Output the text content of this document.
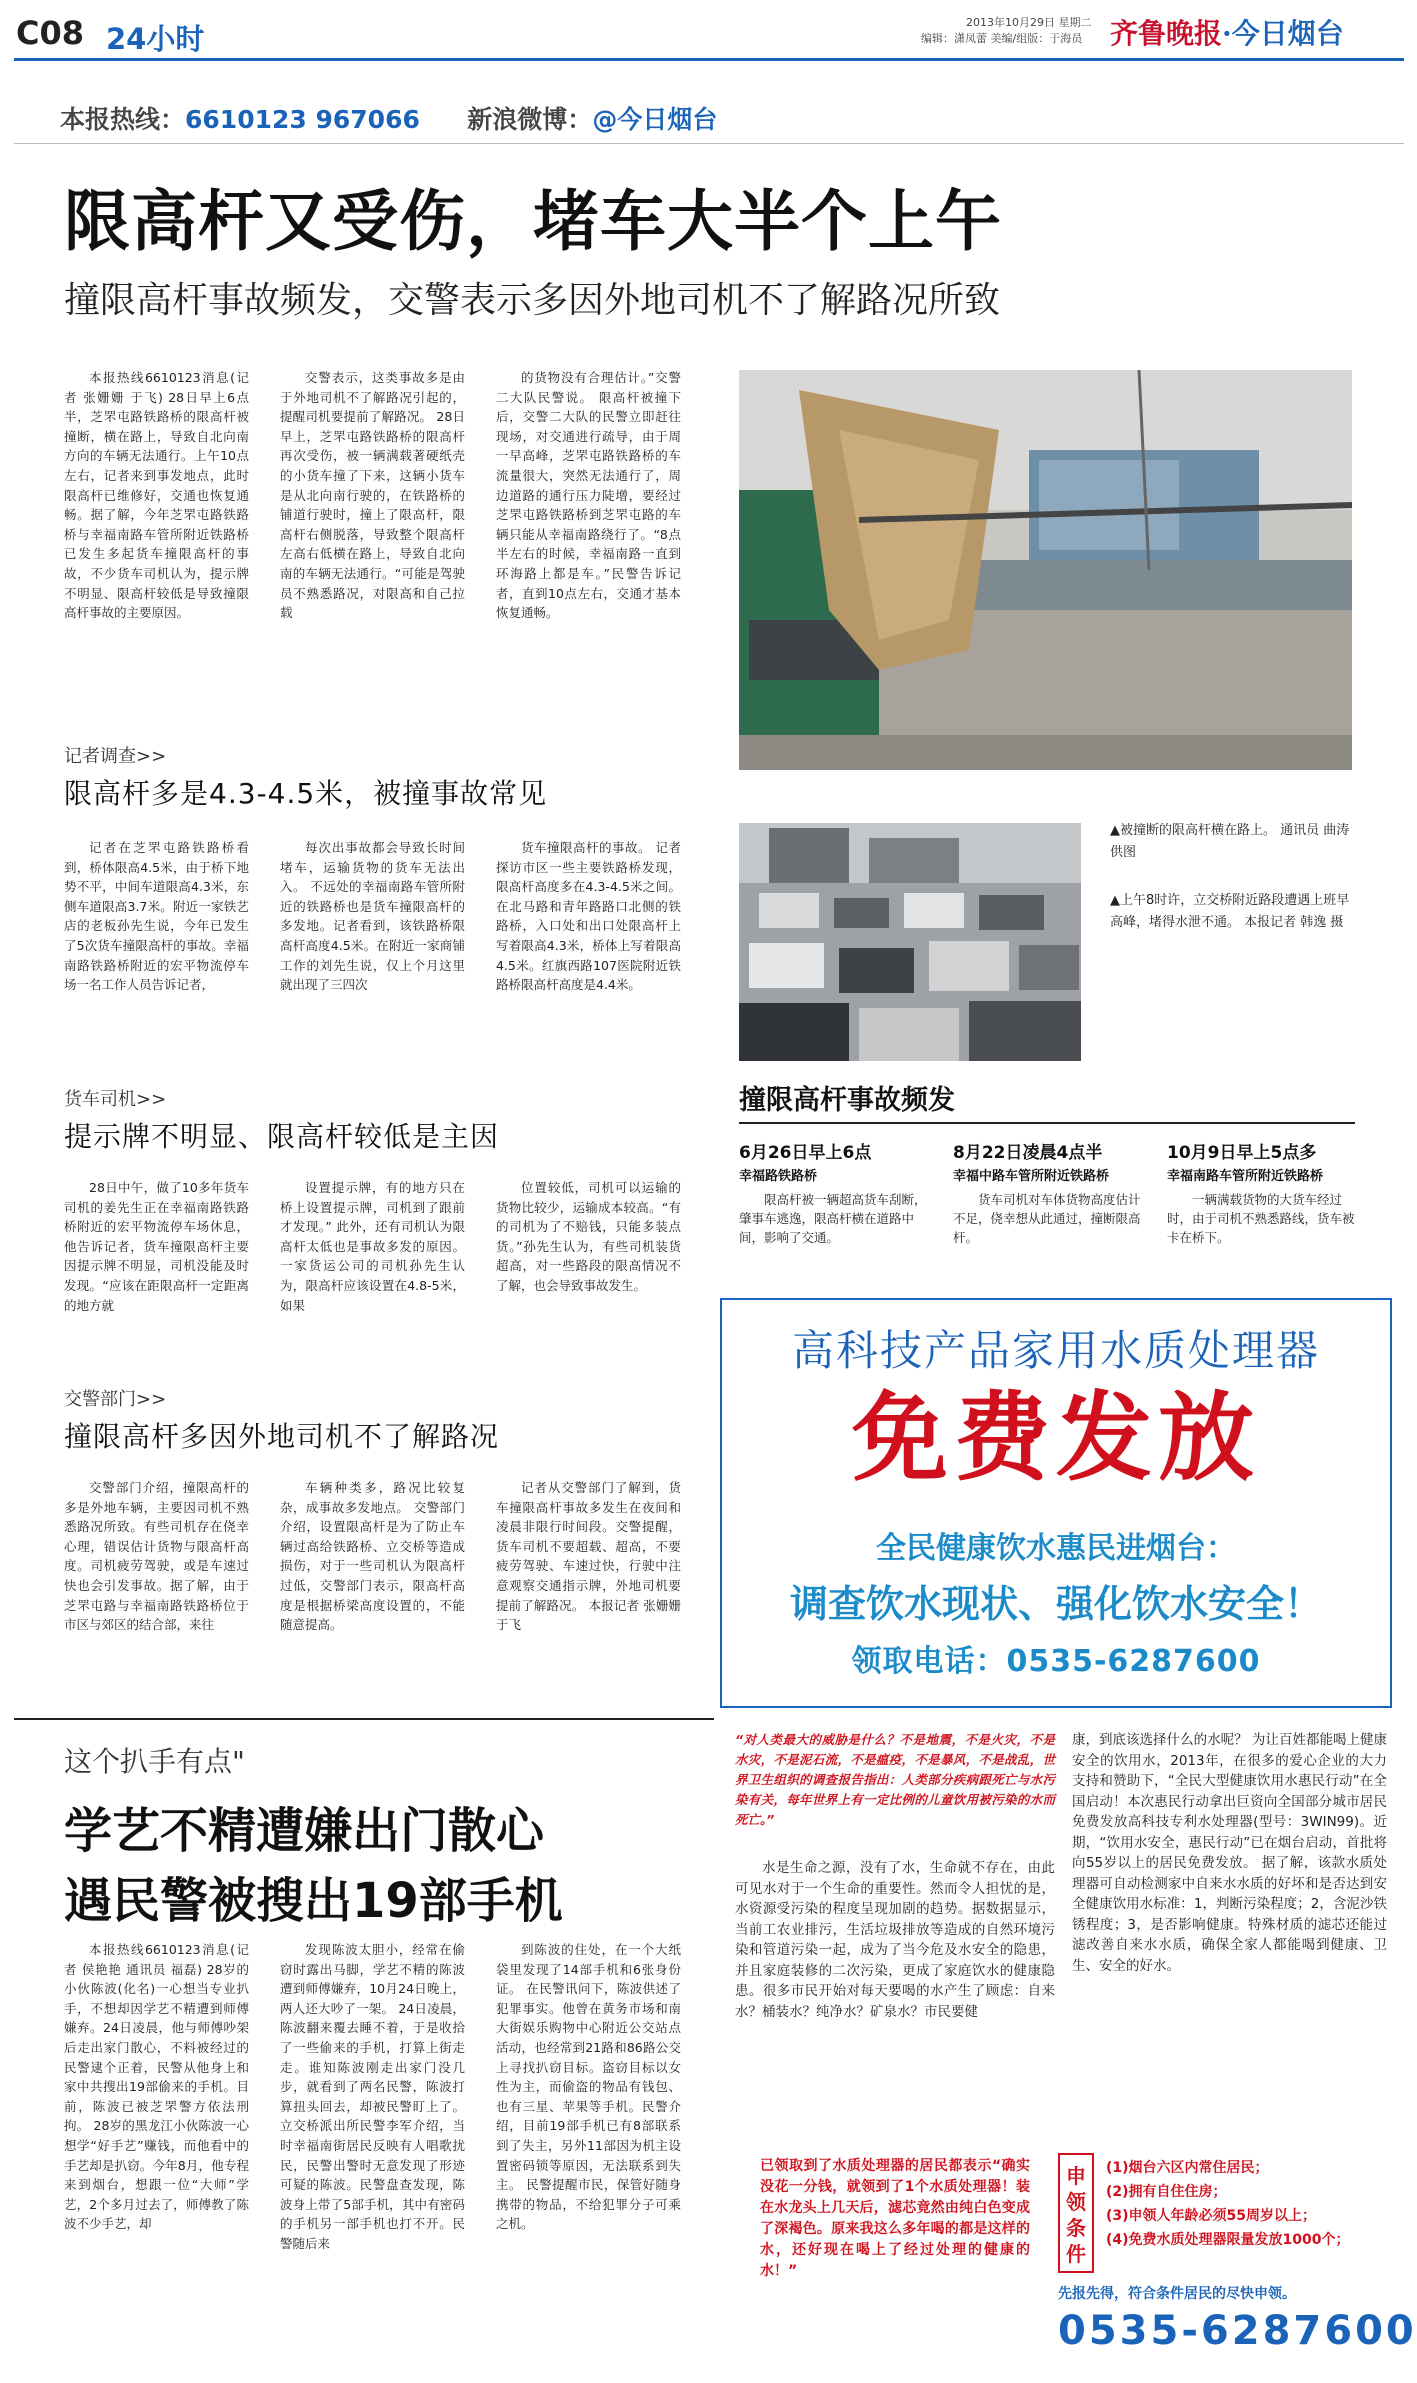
C08 24小时	2013年10月29日 星期二
编辑：潇凤蕾 美编/组版：于海员 齐鲁晚报·今日烟台
本报热线：6610123 967066 新浪微博：@今日烟台
限高杆又受伤，堵车大半个上午
撞限高杆事故频发，交警表示多因外地司机不了解路况所致

本报热线6610123消息(记者 张姗姗 于飞) 28日早上6点半，芝罘屯路铁路桥的限高杆被撞断，横在路上，导致自北向南方向的车辆无法通行。上午10点左右，记者来到事发地点，此时限高杆已维修好，交通也恢复通畅。据了解，今年芝罘屯路铁路桥与幸福南路车管所附近铁路桥已发生多起货车撞限高杆的事故，不少货车司机认为，提示牌不明显、限高杆较低是导致撞限高杆事故的主要原因。

交警表示，这类事故多是由于外地司机不了解路况引起的，提醒司机要提前了解路况。 28日早上，芝罘屯路铁路桥的限高杆再次受伤，被一辆满载著硬纸壳的小货车撞了下来，这辆小货车是从北向南行驶的，在铁路桥的铺道行驶时，撞上了限高杆，限高杆右侧脱落，导致整个限高杆左高右低横在路上，导致自北向南的车辆无法通行。“可能是驾驶员不熟悉路况，对限高和自己拉载

的货物没有合理估计。”交警二大队民警说。 限高杆被撞下后，交警二大队的民警立即赶往现场，对交通进行疏导，由于周一早高峰，芝罘屯路铁路桥的车流量很大，突然无法通行了，周边道路的通行压力陡增，要经过芝罘屯路铁路桥到芝罘屯路的车辆只能从幸福南路绕行了。“8点半左右的时候，幸福南路一直到环海路上都是车。”民警告诉记者，直到10点左右，交通才基本恢复通畅。

▲被撞断的限高杆横在路上。 通讯员 曲涛 供图
▲上午8时许，立交桥附近路段遭遇上班早高峰，堵得水泄不通。 本报记者 韩逸 摄
记者调查>>
限高杆多是4.3-4.5米，被撞事故常见

记者在芝罘屯路铁路桥看到，桥体限高4.5米，由于桥下地势不平，中间车道限高4.3米，东侧车道限高3.7米。附近一家铁艺店的老板孙先生说，今年已发生了5次货车撞限高杆的事故。幸福南路铁路桥附近的宏平物流停车场一名工作人员告诉记者，

每次出事故都会导致长时间堵车，运输货物的货车无法出入。 不远处的幸福南路车管所附近的铁路桥也是货车撞限高杆的多发地。记者看到，该铁路桥限高杆高度4.5米。在附近一家商铺工作的刘先生说，仅上个月这里就出现了三四次

货车撞限高杆的事故。 记者探访市区一些主要铁路桥发现，限高杆高度多在4.3-4.5米之间。在北马路和青年路路口北侧的铁路桥，入口处和出口处限高杆上写着限高4.3米，桥体上写着限高4.5米。红旗西路107医院附近铁路桥限高杆高度是4.4米。

货车司机>>
提示牌不明显、限高杆较低是主因

28日中午，做了10多年货车司机的姜先生正在幸福南路铁路桥附近的宏平物流停车场休息，他告诉记者，货车撞限高杆主要因提示牌不明显，司机没能及时发现。“应该在距限高杆一定距离的地方就

设置提示牌，有的地方只在桥上设置提示牌，司机到了跟前才发现。” 此外，还有司机认为限高杆太低也是事故多发的原因。一家货运公司的司机孙先生认为，限高杆应该设置在4.8-5米，如果

位置较低，司机可以运输的货物比较少，运输成本较高。“有的司机为了不赔钱，只能多装点货。”孙先生认为，有些司机装货超高，对一些路段的限高情况不了解，也会导致事故发生。

交警部门>>
撞限高杆多因外地司机不了解路况

交警部门介绍，撞限高杆的多是外地车辆，主要因司机不熟悉路况所致。有些司机存在侥幸心理，错误估计货物与限高杆高度。司机疲劳驾驶，或是车速过快也会引发事故。据了解，由于芝罘屯路与幸福南路铁路桥位于市区与郊区的结合部，来往

车辆种类多，路况比较复杂，成事故多发地点。 交警部门介绍，设置限高杆是为了防止车辆过高给铁路桥、立交桥等造成损伤，对于一些司机认为限高杆过低，交警部门表示，限高杆高度是根据桥梁高度设置的，不能随意提高。

记者从交警部门了解到，货车撞限高杆事故多发生在夜间和凌晨非限行时间段。交警提醒，货车司机不要超载、超高，不要疲劳驾驶、车速过快，行驶中注意观察交通指示牌，外地司机要提前了解路况。 本报记者 张姗姗 于飞

撞限高杆事故频发
6月26日早上6点
幸福路铁路桥
限高杆被一辆超高货车刮断，肇事车逃逸，限高杆横在道路中间，影响了交通。
8月22日凌晨4点半
幸福中路车管所附近铁路桥
货车司机对车体货物高度估计不足，侥幸想从此通过，撞断限高杆。
10月9日早上5点多
幸福南路车管所附近铁路桥
一辆满载货物的大货车经过时，由于司机不熟悉路线，货车被卡在桥下。
这个扒手有点"
学艺不精遭嫌出门散心
遇民警被搜出19部手机

本报热线6610123消息(记者 侯艳艳 通讯员 福磊) 28岁的小伙陈波(化名)一心想当专业扒手，不想却因学艺不精遭到师傅嫌弃。24日凌晨，他与师傅吵架后走出家门散心，不料被经过的民警逮个正着，民警从他身上和家中共搜出19部偷来的手机。目前，陈波已被芝罘警方依法刑拘。 28岁的黑龙江小伙陈波一心想学“好手艺”赚钱，而他看中的手艺却是扒窃。今年8月，他专程来到烟台，想跟一位“大师”学艺，2个多月过去了，师傅教了陈波不少手艺，却

发现陈波太胆小，经常在偷窃时露出马脚，学艺不精的陈波遭到师傅嫌弃，10月24日晚上，两人还大吵了一架。 24日凌晨，陈波翻来覆去睡不着，于是收拾了一些偷来的手机，打算上街走走。谁知陈波刚走出家门没几步，就看到了两名民警，陈波打算扭头回去，却被民警盯上了。 立交桥派出所民警李军介绍，当时幸福南街居民反映有人唱歌扰民，民警出警时无意发现了形迹可疑的陈波。民警盘查发现，陈波身上带了5部手机，其中有密码的手机另一部手机也打不开。民警随后来

到陈波的住处，在一个大纸袋里发现了14部手机和6张身份证。 在民警讯问下，陈波供述了犯罪事实。他曾在黄务市场和南大街娱乐购物中心附近公交站点活动，也经常到21路和86路公交上寻找扒窃目标。盗窃目标以女性为主，而偷盗的物品有钱包、也有三星、苹果等手机。民警介绍，目前19部手机已有8部联系到了失主，另外11部因为机主设置密码锁等原因，无法联系到失主。 民警提醒市民，保管好随身携带的物品，不给犯罪分子可乘之机。

高科技产品家用水质处理器
免费发放
全民健康饮水惠民进烟台：
调查饮水现状、强化饮水安全！
领取电话：0535-6287600
“对人类最大的威胁是什么？不是地震，不是火灾，不是水灾，不是泥石流，不是瘟疫，不是暴风，不是战乱，世界卫生组织的调查报告指出：人类部分疾病跟死亡与水污染有关，每年世界上有一定比例的儿童饮用被污染的水而死亡。”

水是生命之源，没有了水，生命就不存在，由此可见水对于一个生命的重要性。然而令人担忧的是，水资源受污染的程度呈现加剧的趋势。据数据显示，当前工农业排污，生活垃圾排放等造成的自然环境污染和管道污染一起，成为了当今危及水安全的隐患，并且家庭装修的二次污染，更成了家庭饮水的健康隐患。很多市民开始对每天要喝的水产生了顾虑：自来水？桶装水？纯净水？矿泉水？市民要健

康，到底该选择什么的水呢？ 为让百姓都能喝上健康安全的饮用水，2013年，在很多的爱心企业的大力支持和赞助下，“全民大型健康饮用水惠民行动”在全国启动！本次惠民行动拿出巨资向全国部分城市居民免费发放高科技专利水处理器(型号：3WIN99)。近期，“饮用水安全，惠民行动”已在烟台启动，首批将向55岁以上的居民免费发放。 据了解，该款水质处理器可自动检测家中自来水水质的好坏和是否达到安全健康饮用水标准：1，判断污染程度；2，含泥沙铁锈程度；3，是否影响健康。特殊材质的滤芯还能过滤改善自来水水质，确保全家人都能喝到健康、卫生、安全的好水。

已领取到了水质处理器的居民都表示“确实没花一分钱，就领到了1个水质处理器！装在水龙头上几天后，滤芯竟然由纯白色变成了深褐色。原来我这么多年喝的都是这样的水，还好现在喝上了经过处理的健康的水！”
申领条件
(1)烟台六区内常住居民；
(2)拥有自住住房；
(3)申领人年龄必须55周岁以上；
(4)免费水质处理器限量发放1000个；
先报先得，符合条件居民的尽快申领。
0535-6287600
